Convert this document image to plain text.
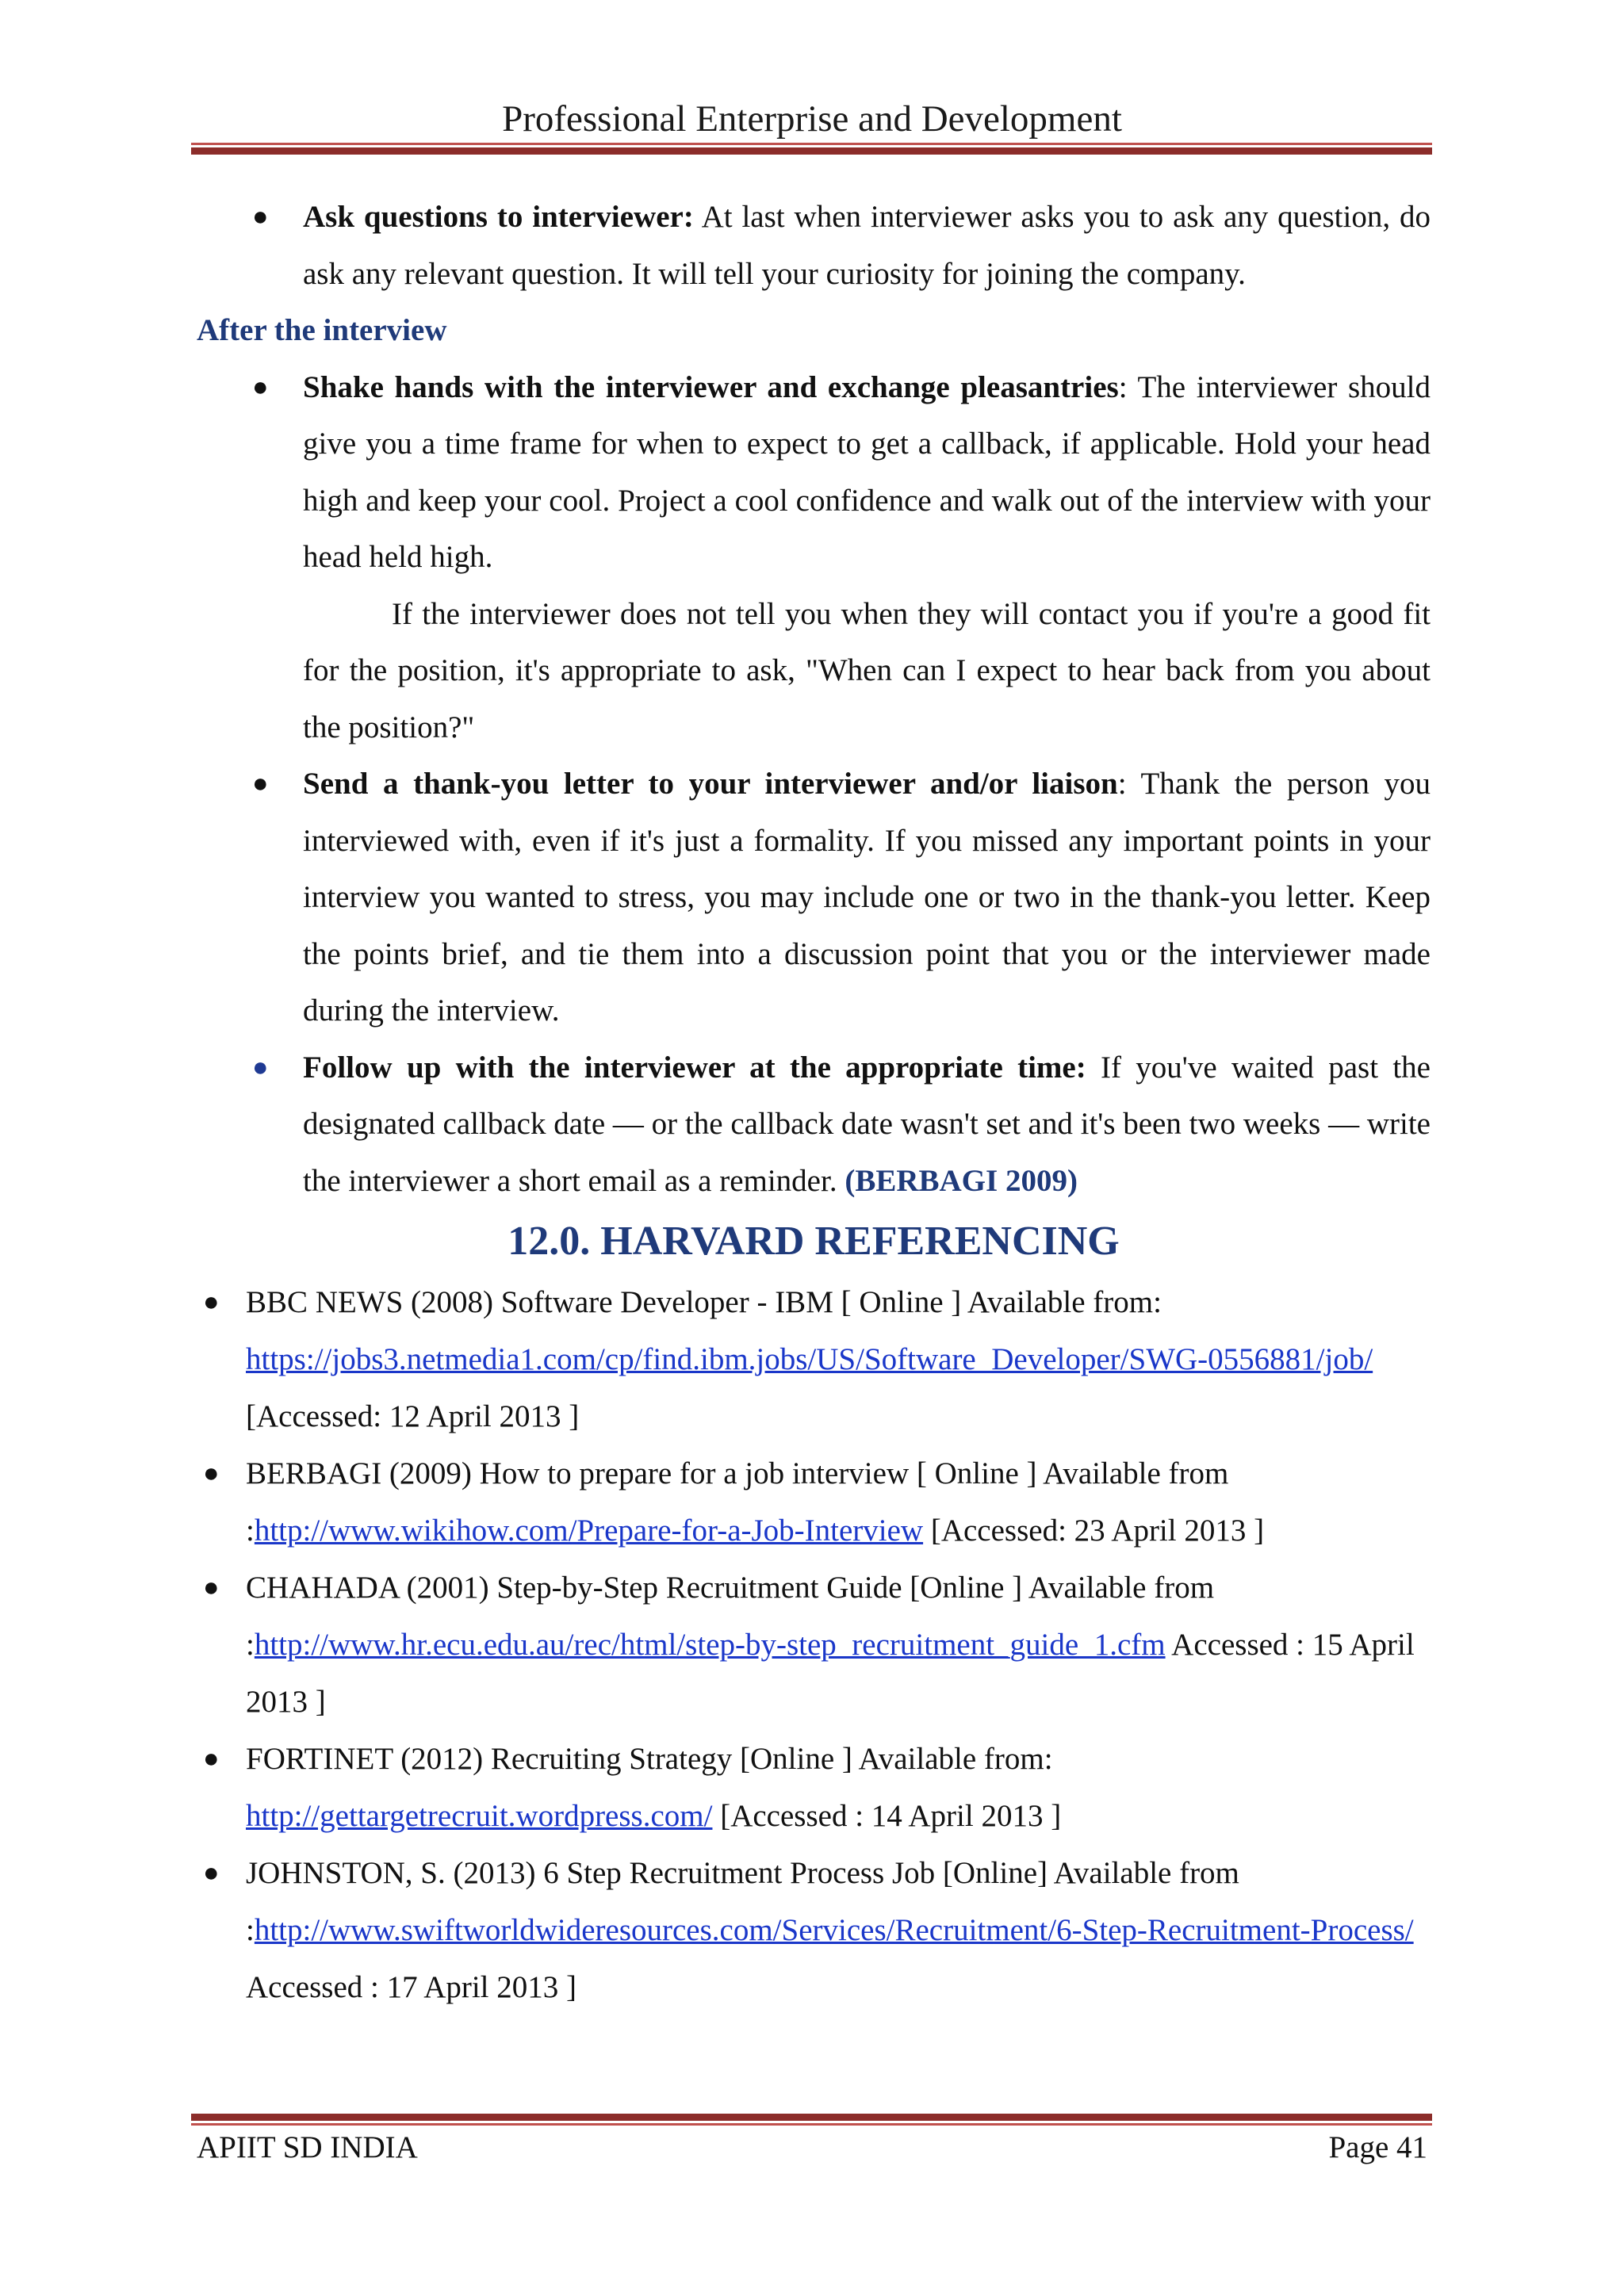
Professional Enterprise and Development
● Ask questions to interviewer: At last when interviewer asks you to ask any question, do ask any relevant question. It will tell your curiosity for joining the company.
After the interview
● Shake hands with the interviewer and exchange pleasantries: The interviewer should give you a time frame for when to expect to get a callback, if applicable. Hold your head high and keep your cool. Project a cool confidence and walk out of the interview with your head held high.
If the interviewer does not tell you when they will contact you if you're a good fit for the position, it's appropriate to ask, "When can I expect to hear back from you about the position?"
● Send a thank-you letter to your interviewer and/or liaison: Thank the person you interviewed with, even if it's just a formality. If you missed any important points in your interview you wanted to stress, you may include one or two in the thank-you letter. Keep the points brief, and tie them into a discussion point that you or the interviewer made during the interview.
● Follow up with the interviewer at the appropriate time: If you've waited past the designated callback date — or the callback date wasn't set and it's been two weeks — write the interviewer a short email as a reminder. (BERBAGI 2009)
12.0. HARVARD REFERENCING
● BBC NEWS (2008) Software Developer - IBM [ Online ] Available from:
https://jobs3.netmedia1.com/cp/find.ibm.jobs/US/Software_Developer/SWG-0556881/job/ [Accessed: 12 April 2013 ]
● BERBAGI (2009) How to prepare for a job interview [ Online ] Available from :http://www.wikihow.com/Prepare-for-a-Job-Interview [Accessed: 23 April 2013 ]
● CHAHADA (2001) Step-by-Step Recruitment Guide [Online ] Available from :http://www.hr.ecu.edu.au/rec/html/step-by-step_recruitment_guide_1.cfm Accessed : 15 April 2013 ]
● FORTINET (2012) Recruiting Strategy [Online ] Available from:
http://gettargetrecruit.wordpress.com/ [Accessed : 14 April 2013 ]
● JOHNSTON, S. (2013) 6 Step Recruitment Process Job [Online] Available from :http://www.swiftworldwideresources.com/Services/Recruitment/6-Step-Recruitment-Process/ Accessed : 17 April 2013 ]
APIIT SD INDIA	Page 41
